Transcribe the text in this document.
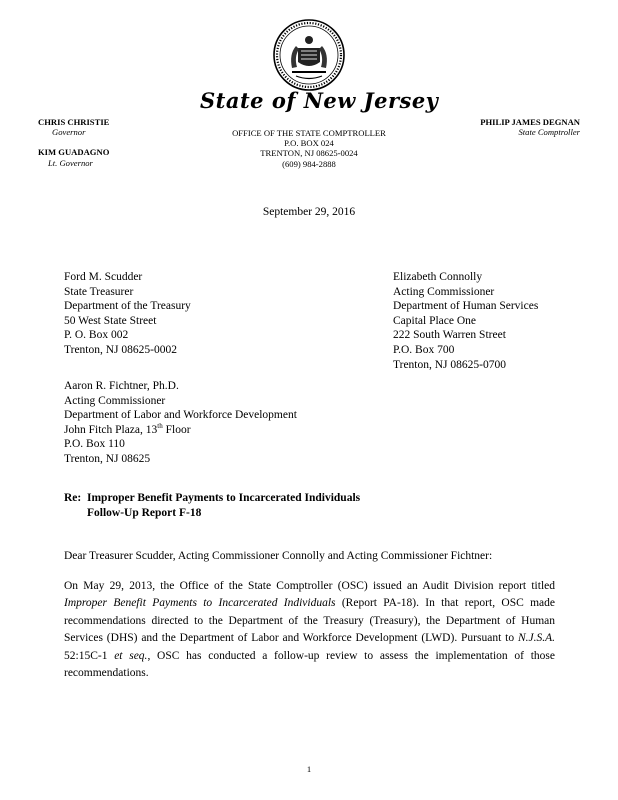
State of New Jersey
CHRIS CHRISTIE
Governor
KIM GUADAGNO
Lt. Governor
OFFICE OF THE STATE COMPTROLLER
P.O. BOX 024
TRENTON, NJ 08625-0024
(609) 984-2888
PHILIP JAMES DEGNAN
State Comptroller
September 29, 2016
Ford M. Scudder
State Treasurer
Department of the Treasury
50 West State Street
P. O. Box 002
Trenton, NJ 08625-0002
Elizabeth Connolly
Acting Commissioner
Department of Human Services
Capital Place One
222 South Warren Street
P.O. Box 700
Trenton, NJ 08625-0700
Aaron R. Fichtner, Ph.D.
Acting Commissioner
Department of Labor and Workforce Development
John Fitch Plaza, 13th Floor
P.O. Box 110
Trenton, NJ 08625
Re: Improper Benefit Payments to Incarcerated Individuals
Follow-Up Report F-18
Dear Treasurer Scudder, Acting Commissioner Connolly and Acting Commissioner Fichtner:
On May 29, 2013, the Office of the State Comptroller (OSC) issued an Audit Division report titled Improper Benefit Payments to Incarcerated Individuals (Report PA-18). In that report, OSC made recommendations directed to the Department of the Treasury (Treasury), the Department of Human Services (DHS) and the Department of Labor and Workforce Development (LWD). Pursuant to N.J.S.A. 52:15C-1 et seq., OSC has conducted a follow-up review to assess the implementation of those recommendations.
1
